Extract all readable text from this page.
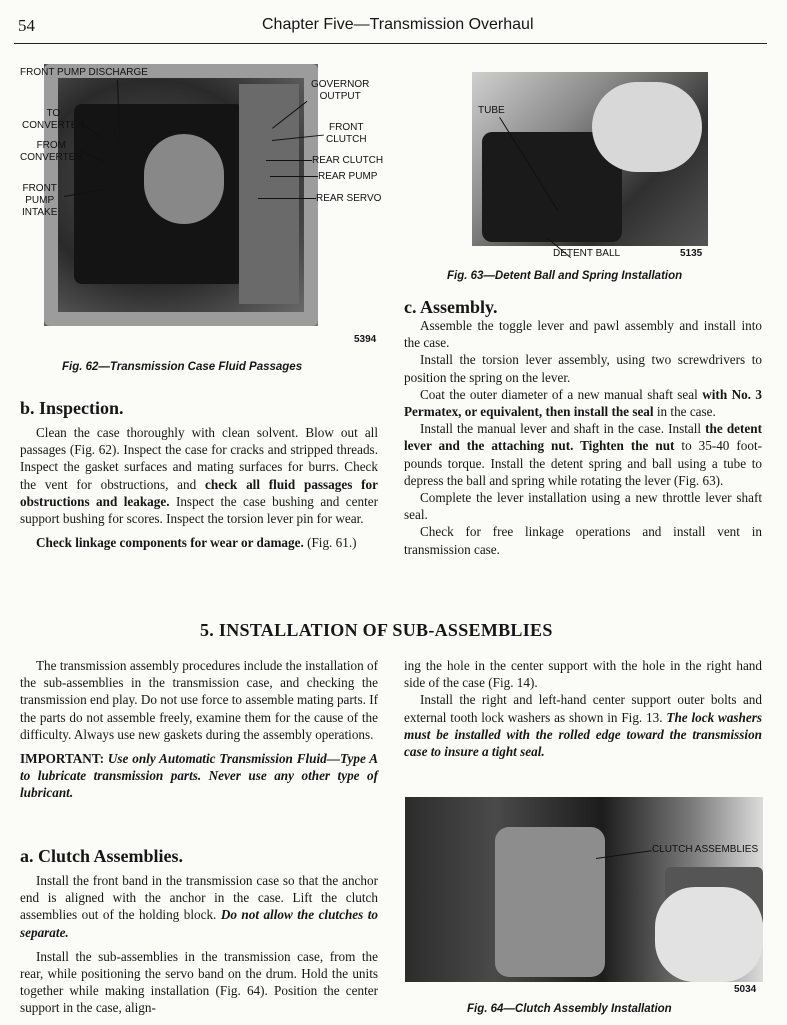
54	Chapter Five—Transmission Overhaul
FRONT PUMP DISCHARGE
TO
CONVERTER
FROM
CONVERTER
FRONT
PUMP
INTAKE
GOVERNOR
OUTPUT
FRONT
CLUTCH
REAR CLUTCH
REAR PUMP
REAR SERVO
5394
Fig. 62—Transmission Case Fluid Passages
TUBE
DETENT BALL	5135
Fig. 63—Detent Ball and Spring Installation
c. Assembly.

Assemble the toggle lever and pawl assembly and install into the case.

Install the torsion lever assembly, using two screwdrivers to position the spring on the lever.

Coat the outer diameter of a new manual shaft seal with No. 3 Permatex, or equivalent, then install the seal in the case.

Install the manual lever and shaft in the case. Install the detent lever and the attaching nut. Tighten the nut to 35-40 foot-pounds torque. Install the detent spring and ball using a tube to depress the ball and spring while rotating the lever (Fig. 63).

Complete the lever installation using a new throttle lever shaft seal.

Check for free linkage operations and install vent in transmission case.

b. Inspection.

Clean the case thoroughly with clean solvent. Blow out all passages (Fig. 62). Inspect the case for cracks and stripped threads. Inspect the gasket surfaces and mating surfaces for burrs. Check the vent for obstructions, and check all fluid passages for obstructions and leakage. Inspect the case bushing and center support bushing for scores. Inspect the torsion lever pin for wear.

Check linkage components for wear or damage. (Fig. 61.)

5. INSTALLATION OF SUB-ASSEMBLIES

The transmission assembly procedures include the installation of the sub-assemblies in the transmission case, and checking the transmission end play. Do not use force to assemble mating parts. If the parts do not assemble freely, examine them for the cause of the difficulty. Always use new gaskets during the assembly operations.

IMPORTANT: Use only Automatic Transmission Fluid—Type A to lubricate transmission parts. Never use any other type of lubricant.

a. Clutch Assemblies.

Install the front band in the transmission case so that the anchor end is aligned with the anchor in the case. Lift the clutch assemblies out of the holding block. Do not allow the clutches to separate.

Install the sub-assemblies in the transmission case, from the rear, while positioning the servo band on the drum. Hold the units together while making installation (Fig. 64). Position the center support in the case, align-

ing the hole in the center support with the hole in the right hand side of the case (Fig. 14).

Install the right and left-hand center support outer bolts and external tooth lock washers as shown in Fig. 13. The lock washers must be installed with the rolled edge toward the transmission case to insure a tight seal.

CLUTCH ASSEMBLIES
5034
Fig. 64—Clutch Assembly Installation
